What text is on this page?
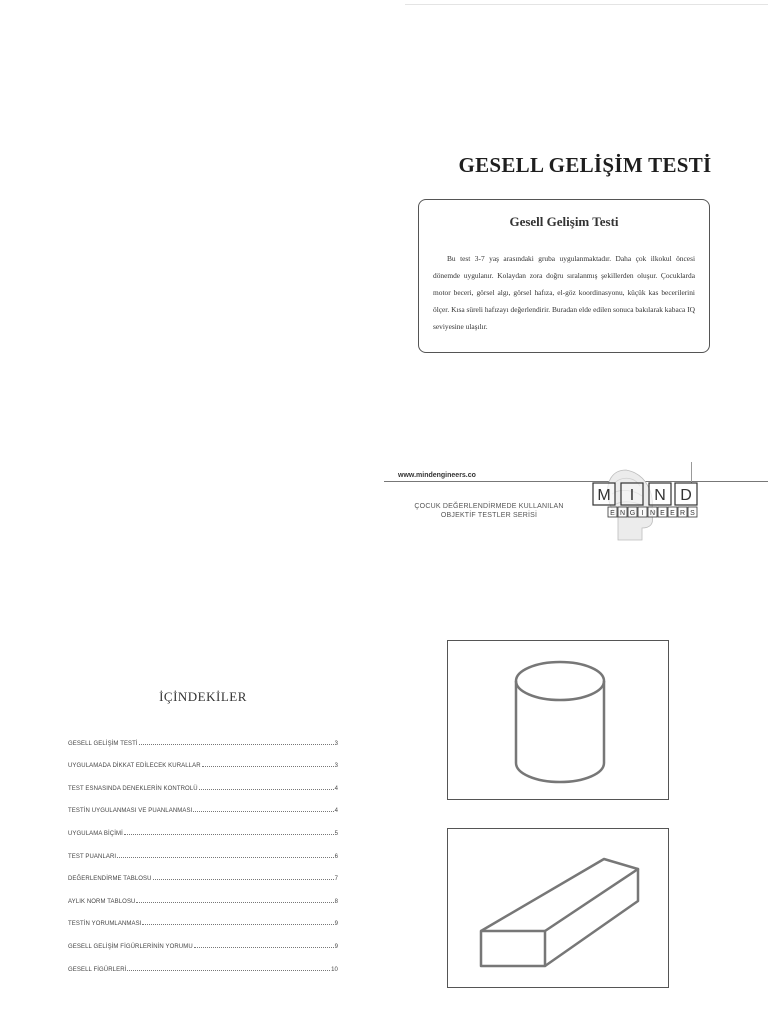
GESELL GELİŞİM TESTİ
Gesell Gelişim Testi
Bu test 3-7 yaş arasındaki gruba uygulanmaktadır. Daha çok ilkokul öncesi dönemde uygulanır. Kolaydan zora doğru sıralanmış şekillerden oluşur. Çocuklarda motor beceri, görsel algı, görsel hafıza, el-göz koordinasyonu, küçük kas becerilerini ölçer. Kısa süreli hafızayı değerlendirir. Buradan elde edilen sonuca bakılarak kabaca IQ seviyesine ulaşılır.
www.mindengineers.co
ÇOCUK DEĞERLENDİRMEDE KULLANILAN
OBJEKTİF TESTLER SERİSİ
M I N D
E N G I N E E R S
İÇİNDEKİLER
GESELL GELİŞİM TESTİ	3
UYGULAMADA DİKKAT EDİLECEK KURALLAR	3
TEST ESNASINDA DENEKLERİN KONTROLÜ	4
TESTİN UYGULANMASI VE PUANLANMASI	4
UYGULAMA BİÇİMİ	5
TEST PUANLARI	6
DEĞERLENDİRME TABLOSU	7
AYLIK NORM TABLOSU	8
TESTİN YORUMLANMASI	9
GESELL GELİŞİM FİGÜRLERİNİN YORUMU	9
GESELL FİGÜRLERİ	10
